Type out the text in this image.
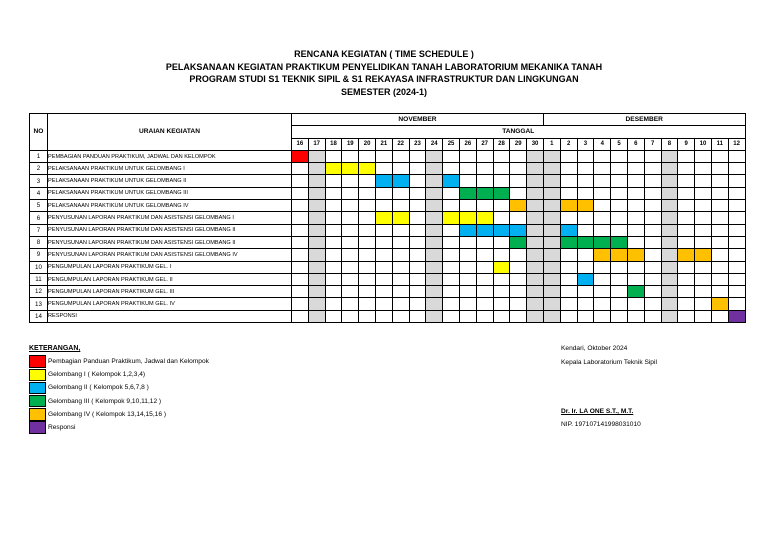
RENCANA KEGIATAN ( TIME SCHEDULE )
PELAKSANAAN KEGIATAN PRAKTIKUM PENYELIDIKAN TANAH LABORATORIUM MEKANIKA TANAH
PROGRAM STUDI S1 TEKNIK SIPIL & S1 REKAYASA INFRASTRUKTUR DAN LINGKUNGAN
SEMESTER (2024-1)
NO	URAIAN KEGIATAN	NOVEMBER															DESEMBER											
		TANGGAL																										
		16	17	18	19	20	21	22	23	24	25	26	27	28	29	30	1	2	3	4	5	6	7	8	9	10	11	12
1	PEMBAGIAN PANDUAN PRAKTIKUM, JADWAL DAN KELOMPOK																											
2	PELAKSANAAN PRAKTIKUM UNTUK GELOMBANG I																											
3	PELAKSANAAN PRAKTIKUM UNTUK GELOMBANG II																											
4	PELAKSANAAN PRAKTIKUM UNTUK GELOMBANG III																											
5	PELAKSANAAN PRAKTIKUM UNTUK GELOMBANG IV																											
6	PENYUSUNAN LAPORAN PRAKTIKUM DAN ASISTENSI GELOMBANG I																											
7	PENYUSUNAN LAPORAN PRAKTIKUM DAN ASISTENSI GELOMBANG II																											
8	PENYUSUNAN LAPORAN PRAKTIKUM DAN ASISTENSI GELOMBANG II																											
9	PENYUSUNAN LAPORAN PRAKTIKUM DAN ASISTENSI GELOMBANG IV																											
10	PENGUMPULAN LAPORAN PRAKTIKUM GEL. I																											
11	PENGUMPULAN LAPORAN PRAKTIKUM GEL. II																											
12	PENGUMPULAN LAPORAN PRAKTIKUM GEL. III																											
13	PENGUMPULAN LAPORAN PRAKTIKUM GEL. IV																											
14	RESPONSI																											
KETERANGAN,
Pembagian Panduan Praktikum, Jadwal dan Kelompok
Gelombang I ( Kelompok 1,2,3,4)
Gelombang II ( Kelompok 5,6,7,8 )
Gelombang III ( Kelompok 9,10,11,12 )
Gelombang IV ( Kelompok 13,14,15,16 )
Responsi
Kendari, Oktober 2024
Kepala Laboratorium Teknik Sipil
Dr. Ir. LA ONE S.T., M.T.
NIP. 197107141998031010
